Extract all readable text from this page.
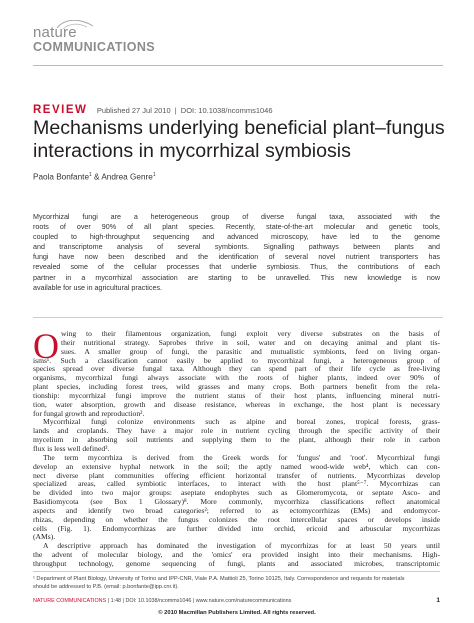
nature
COMMUNICATIONS
REVIEW Published 27 Jul 2010 | DOI: 10.1038/ncomms1046
Mechanisms underlying beneficial plant–fungus
interactions in mycorrhizal symbiosis
Paola Bonfante$^1$ & Andrea Genre$^1$
Mycorrhizal fungi are a heterogeneous group of diverse fungal taxa, associated with the
roots of over 90% of all plant species. Recently, state-of-the-art molecular and genetic tools,
coupled to high-throughput sequencing and advanced microscopy, have led to the genome
and transcriptome analysis of several symbionts. Signalling pathways between plants and
fungi have now been described and the identification of several novel nutrient transporters has
revealed some of the cellular processes that underlie symbiosis. Thus, the contributions of each
partner in a mycorrhizal association are starting to be unravelled. This new knowledge is now
available for use in agricultural practices.
O wing to their filamentous organization, fungi exploit very diverse substrates on the basis of
their nutritional strategy. Saprobes thrive in soil, water and on decaying animal and plant tis-
sues. A smaller group of fungi, the parasitic and mutualistic symbionts, feed on living organ-
isms¹. Such a classification cannot easily be applied to mycorrhizal fungi, a heterogeneous group of
species spread over diverse fungal taxa. Although they can spend part of their life cycle as free-living
organisms, mycorrhizal fungi always associate with the roots of higher plants, indeed over 90% of
plant species, including forest trees, wild grasses and many crops. Both partners benefit from the rela-
tionship: mycorrhizal fungi improve the nutrient status of their host plants, influencing mineral nutri-
tion, water absorption, growth and disease resistance, whereas in exchange, the host plant is necessary
for fungal growth and reproduction².
Mycorrhizal fungi colonize environments such as alpine and boreal zones, tropical forests, grass-
lands and croplands. They have a major role in nutrient cycling through the specific activity of their
mycelium in absorbing soil nutrients and supplying them to the plant, although their role in carbon
flux is less well defined³.
The term mycorrhiza is derived from the Greek words for 'fungus' and 'root'. Mycorrhizal fungi
develop an extensive hyphal network in the soil; the aptly named wood-wide web⁴, which can con-
nect diverse plant communities offering efficient horizontal transfer of nutrients. Mycorrhizas develop
specialized areas, called symbiotic interfaces, to interact with the host plant⁵⁻⁷. Mycorrhizas can
be divided into two major groups: aseptate endophytes such as Glomeromycota, or septate Asco- and
Basidiomycota (see Box 1 Glossary)⁸. More commonly, mycorrhiza classifications reflect anatomical
aspects and identify two broad categories²; referred to as ectomycorrhizas (EMs) and endomycor-
rhizas, depending on whether the fungus colonizes the root intercellular spaces or develops inside
cells (Fig. 1). Endomycorrhizas are further divided into orchid, ericoid and arbuscular mycorrhizas
(AMs).
A descriptive approach has dominated the investigation of mycorrhizas for at least 50 years until
the advent of molecular biology, and the 'omics' era provided insight into their mechanisms. High-
throughput technology, genome sequencing of fungi, plants and associated microbes, transcriptomic
¹ Department of Plant Biology, University of Torino and IPP-CNR, Viale P.A. Mattioli 25, Torino 10125, Italy. Correspondence and requests for materials
should be addressed to P.B. (email: p.bonfante@ipp.cnr.it).
NATURE COMMUNICATIONS | 1:48 | DOI: 10.1038/ncomms1046 | www.nature.com/naturecommunications	1
© 2010 Macmillan Publishers Limited. All rights reserved.
